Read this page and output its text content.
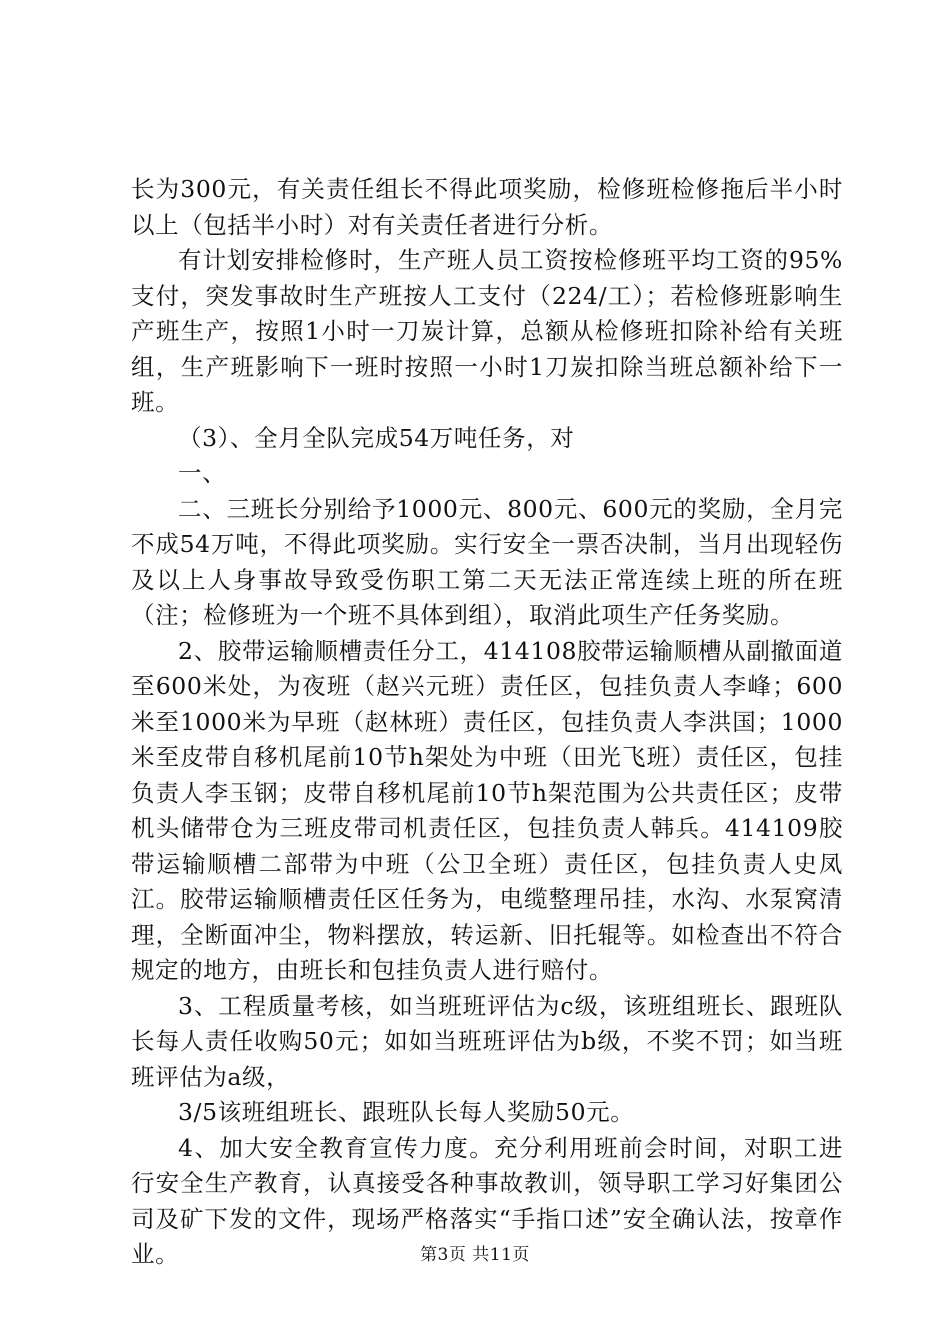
长为300元，有关责任组长不得此项奖励，检修班检修拖后半小时以上（包括半小时）对有关责任者进行分析。

有计划安排检修时，生产班人员工资按检修班平均工资的95%支付，突发事故时生产班按人工支付（224/工）；若检修班影响生产班生产，按照1小时一刀炭计算，总额从检修班扣除补给有关班组，生产班影响下一班时按照一小时1刀炭扣除当班总额补给下一班。

（3）、全月全队完成54万吨任务，对

一、

二、三班长分别给予1000元、800元、600元的奖励，全月完不成54万吨，不得此项奖励。实行安全一票否决制，当月出现轻伤及以上人身事故导致受伤职工第二天无法正常连续上班的所在班（注；检修班为一个班不具体到组），取消此项生产任务奖励。

2、胶带运输顺槽责任分工，414108胶带运输顺槽从副撤面道至600米处，为夜班（赵兴元班）责任区，包挂负责人李峰；600米至1000米为早班（赵林班）责任区，包挂负责人李洪国；1000米至皮带自移机尾前10节h架处为中班（田光飞班）责任区，包挂负责人李玉钢；皮带自移机尾前10节h架范围为公共责任区；皮带机头储带仓为三班皮带司机责任区，包挂负责人韩兵。414109胶带运输顺槽二部带为中班（公卫全班）责任区，包挂负责人史凤江。胶带运输顺槽责任区任务为，电缆整理吊挂，水沟、水泵窝清理，全断面冲尘，物料摆放，转运新、旧托辊等。如检查出不符合规定的地方，由班长和包挂负责人进行赔付。

3、工程质量考核，如当班班评估为c级，该班组班长、跟班队长每人责任收购50元；如如当班班评估为b级，不奖不罚；如当班班评估为a级，

3/5该班组班长、跟班队长每人奖励50元。

4、加大安全教育宣传力度。充分利用班前会时间，对职工进行安全生产教育，认真接受各种事故教训，领导职工学习好集团公司及矿下发的文件，现场严格落实“手指口述”安全确认法，按章作业。	第3页 共11页
